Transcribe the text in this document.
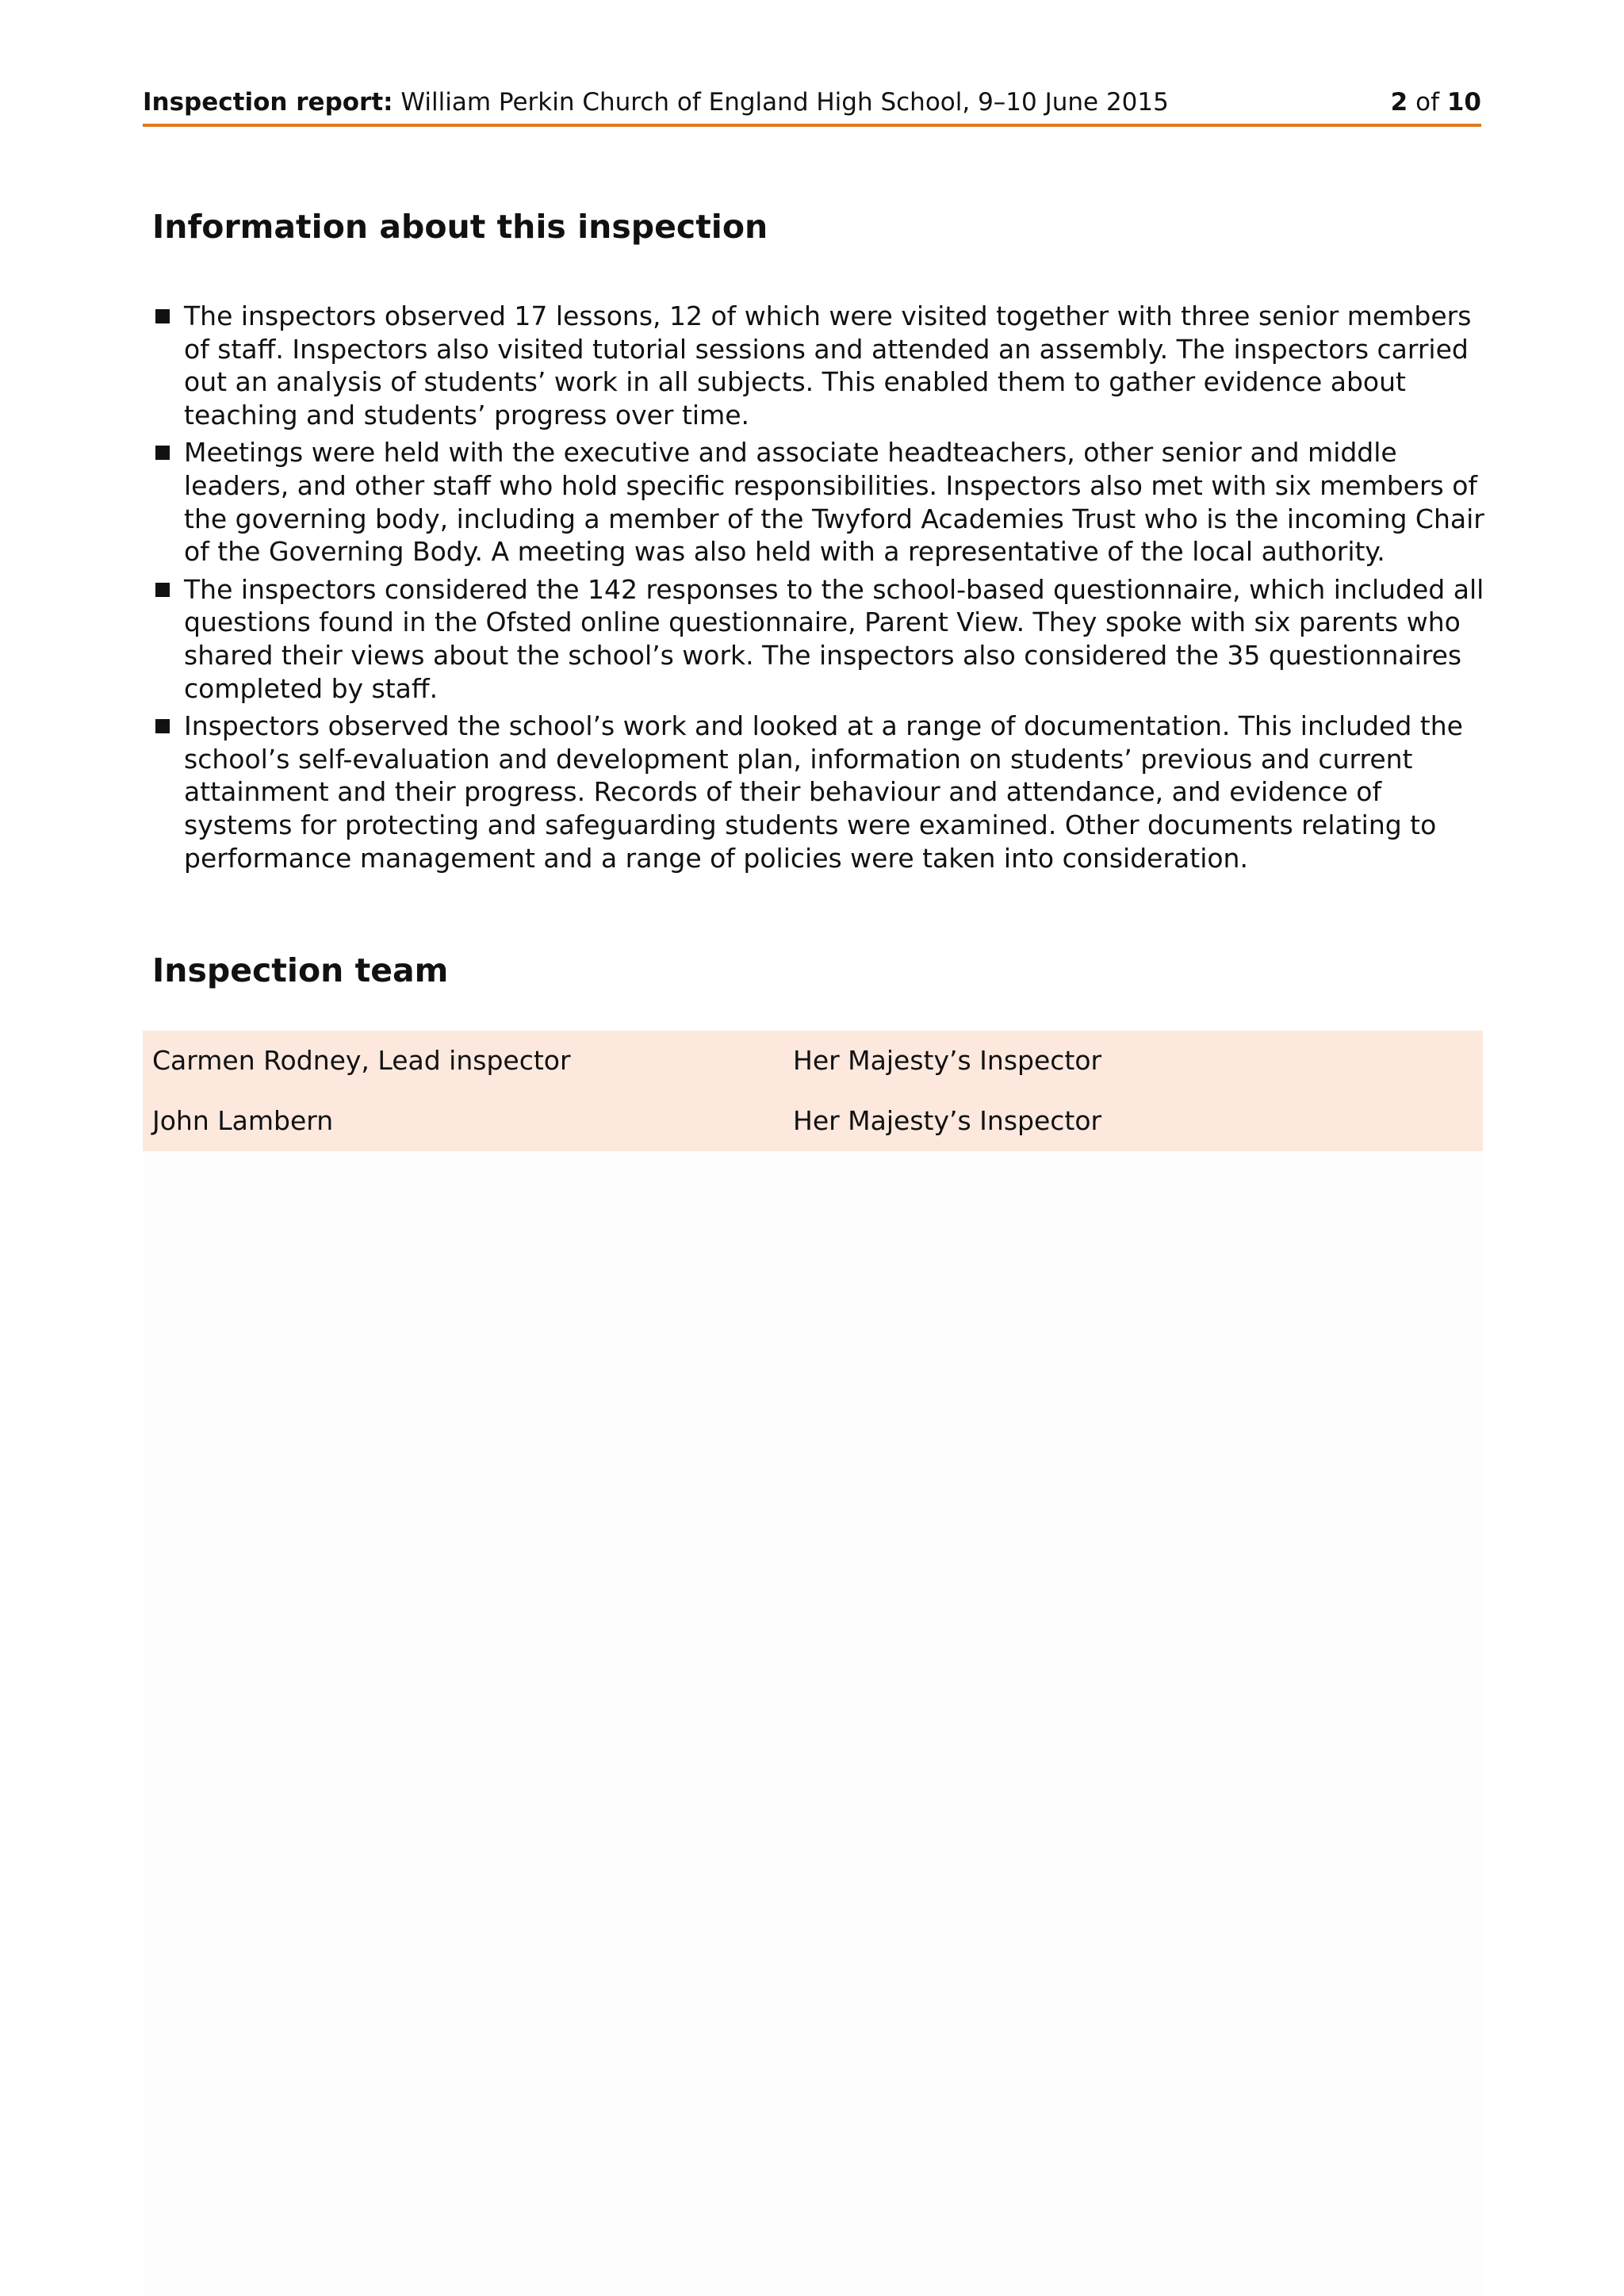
Inspection report: William Perkin Church of England High School, 9–10 June 2015	2 of 10
Information about this inspection
The inspectors observed 17 lessons, 12 of which were visited together with three senior members of staff. Inspectors also visited tutorial sessions and attended an assembly. The inspectors carried out an analysis of students’ work in all subjects. This enabled them to gather evidence about teaching and students’ progress over time.
Meetings were held with the executive and associate headteachers, other senior and middle leaders, and other staff who hold specific responsibilities. Inspectors also met with six members of the governing body, including a member of the Twyford Academies Trust who is the incoming Chair of the Governing Body. A meeting was also held with a representative of the local authority.
The inspectors considered the 142 responses to the school-based questionnaire, which included all questions found in the Ofsted online questionnaire, Parent View. They spoke with six parents who shared their views about the school’s work. The inspectors also considered the 35 questionnaires completed by staff.
Inspectors observed the school’s work and looked at a range of documentation. This included the school’s self-evaluation and development plan, information on students’ previous and current attainment and their progress. Records of their behaviour and attendance, and evidence of systems for protecting and safeguarding students were examined. Other documents relating to performance management and a range of policies were taken into consideration.
Inspection team
Carmen Rodney, Lead inspector	Her Majesty’s Inspector
John Lambern	Her Majesty’s Inspector
